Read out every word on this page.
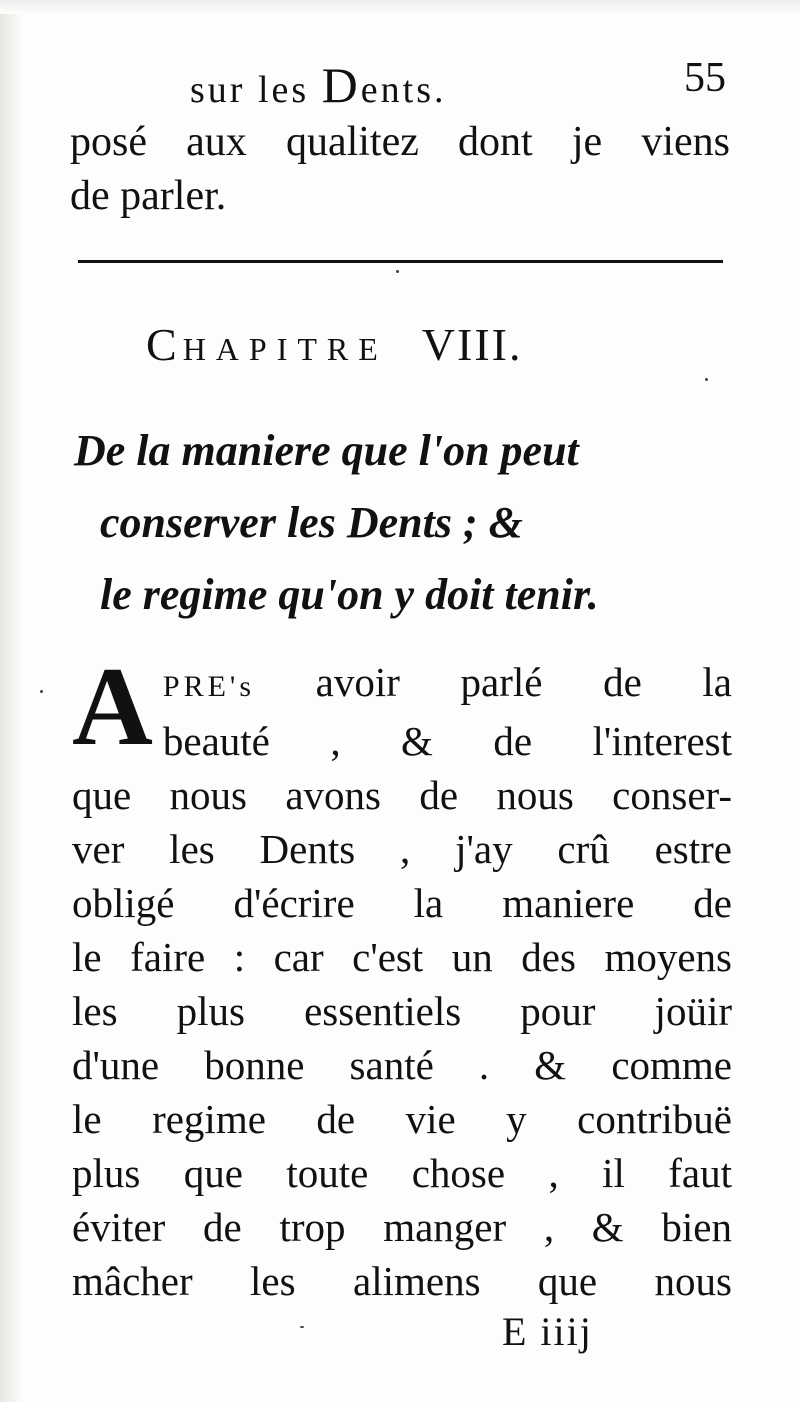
sur les Dents.	55
posé aux qualitez dont je viens
de parler.
CHAPITRE VIII.
De la maniere que l'on peut
conserver les Dents ; &
le regime qu'on y doit tenir.
A PRE's avoir parlé de la
beauté , & de l'interest
que nous avons de nous conser-
ver les Dents , j'ay crû estre
obligé d'écrire la maniere de
le faire : car c'est un des moyens
les plus essentiels pour joüir
d'une bonne santé . & comme
le regime de vie y contribuë
plus que toute chose , il faut
éviter de trop manger , & bien
mâcher les alimens que nous
E iiij
